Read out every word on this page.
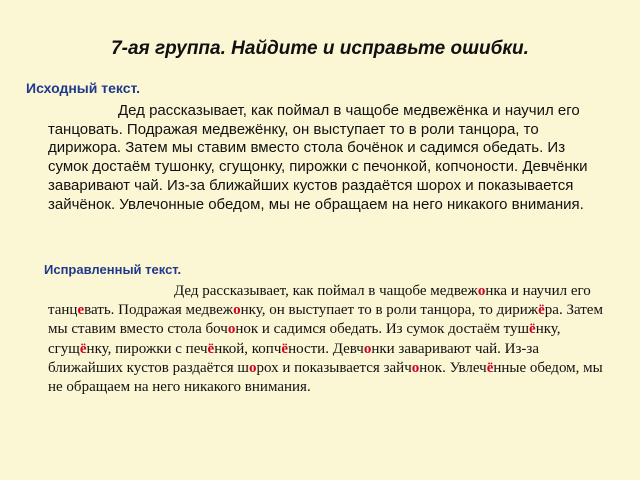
7-ая группа. Найдите и исправьте ошибки.

Исходный текст.

Дед рассказывает, как поймал в чащобе медвежёнка и научил его танцовать. Подражая медвежёнку, он выступает то в роли танцора, то дирижора. Затем мы ставим вместо стола бочёнок и садимся обедать. Из сумок достаём тушонку, сгущонку, пирожки с печонкой, копчоности. Девчёнки заваривают чай. Из-за ближайших кустов раздаётся шорох и показывается зайчёнок. Увлечонные обедом, мы не обращаем на него никакого внимания.

Исправленный текст.

Дед рассказывает, как поймал в чащобе медвежонка и научил его танцевать. Подражая медвежонку, он выступает то в роли танцора, то дирижёра. Затем мы ставим вместо стола бочонок и садимся обедать. Из сумок достаём тушёнку, сгущёнку, пирожки с печёнкой, копчёности. Девчонки заваривают чай. Из-за ближайших кустов раздаётся шорох и показывается зайчонок. Увлечённые обедом, мы не обращаем на него никакого внимания.
